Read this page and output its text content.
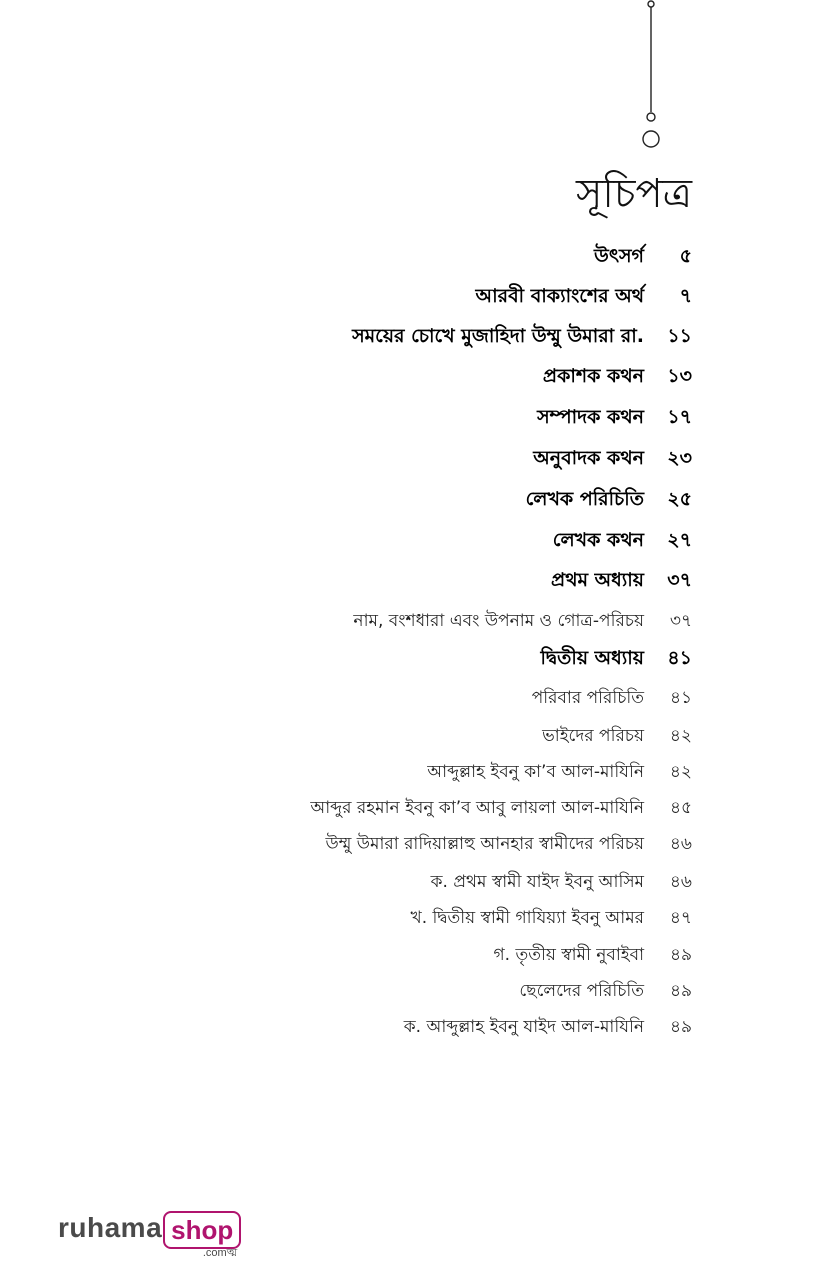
সূচিপত্র
উৎসর্গ	৫
আরবী বাক্যাংশের অর্থ	৭
সময়ের চোখে মুজাহিদা উম্মু উমারা রা.	১১
প্রকাশক কথন	১৩
সম্পাদক কথন	১৭
অনুবাদক কথন	২৩
লেখক পরিচিতি	২৫
লেখক কথন	২৭
প্রথম অধ্যায়	৩৭
নাম, বংশধারা এবং উপনাম ও গোত্র-পরিচয়	৩৭
দ্বিতীয় অধ্যায়	৪১
পরিবার পরিচিতি	৪১
ভাইদের পরিচয়	৪২
আব্দুল্লাহ ইবনু কা’ব আল-মাযিনি	৪২
আব্দুর রহমান ইবনু কা’ব আবু লায়লা আল-মাযিনি	৪৫
উম্মু উমারা রাদিয়াল্লাহু আনহার স্বামীদের পরিচয়	৪৬
ক. প্রথম স্বামী যাইদ ইবনু আসিম	৪৬
খ. দ্বিতীয় স্বামী গাযিয়্যা ইবনু আমর	৪৭
গ. তৃতীয় স্বামী নুবাইবা	৪৯
ছেলেদের পরিচিতি	৪৯
ক. আব্দুল্লাহ ইবনু যাইদ আল-মাযিনি	৪৯
ruhama shop
.comত্ম
